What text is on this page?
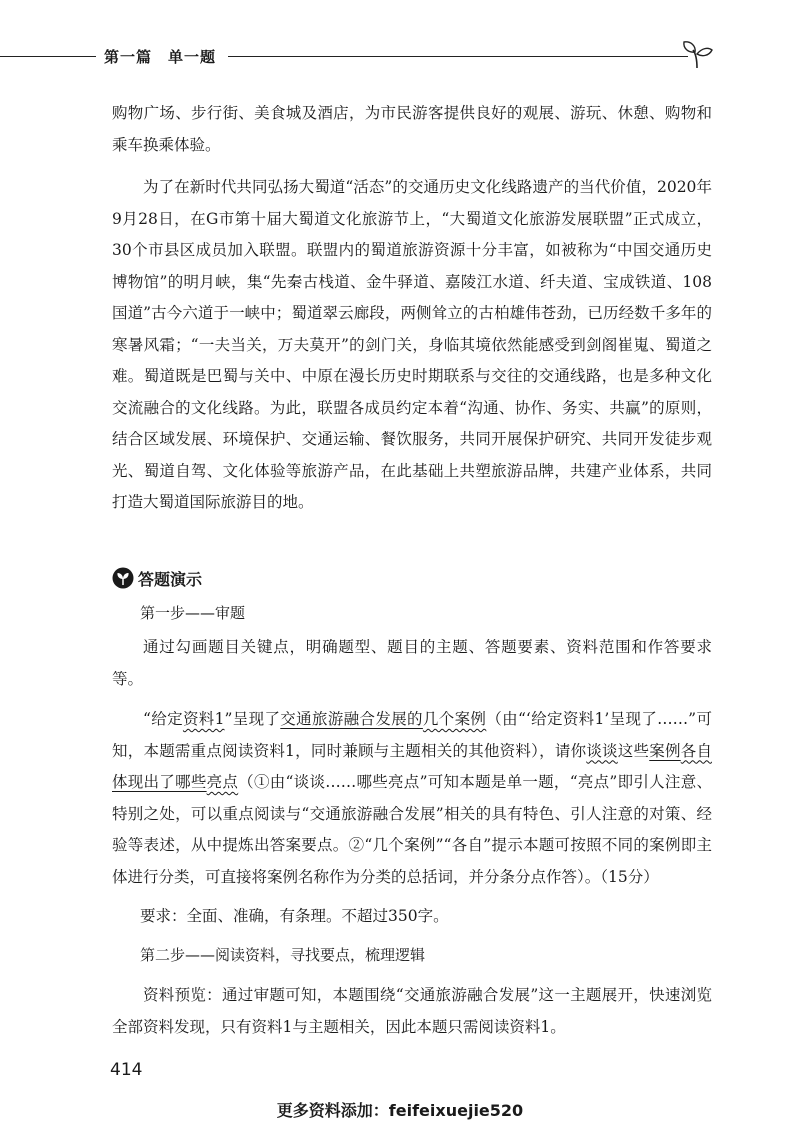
第一篇　单一题

购物广场、步行街、美食城及酒店，为市民游客提供良好的观展、游玩、休憩、购物和乘车换乘体验。

为了在新时代共同弘扬大蜀道“活态”的交通历史文化线路遗产的当代价值，2020年9月28日，在G市第十届大蜀道文化旅游节上，“大蜀道文化旅游发展联盟”正式成立，30个市县区成员加入联盟。联盟内的蜀道旅游资源十分丰富，如被称为“中国交通历史博物馆”的明月峡，集“先秦古栈道、金牛驿道、嘉陵江水道、纤夫道、宝成铁道、108国道”古今六道于一峡中；蜀道翠云廊段，两侧耸立的古柏雄伟苍劲，已历经数千多年的寒暑风霜；“一夫当关，万夫莫开”的剑门关，身临其境依然能感受到剑阁崔嵬、蜀道之难。蜀道既是巴蜀与关中、中原在漫长历史时期联系与交往的交通线路，也是多种文化交流融合的文化线路。为此，联盟各成员约定本着“沟通、协作、务实、共赢”的原则，结合区域发展、环境保护、交通运输、餐饮服务，共同开展保护研究、共同开发徒步观光、蜀道自驾、文化体验等旅游产品，在此基础上共塑旅游品牌，共建产业体系，共同打造大蜀道国际旅游目的地。

答题演示
第一步——审题

通过勾画题目关键点，明确题型、题目的主题、答题要素、资料范围和作答要求等。

“给定资料1”呈现了交通旅游融合发展的几个案例（由“‘给定资料1’呈现了……”可知，本题需重点阅读资料1，同时兼顾与主题相关的其他资料），请你谈谈这些案例各自体现出了哪些亮点（①由“谈谈……哪些亮点”可知本题是单一题，“亮点”即引人注意、特别之处，可以重点阅读与“交通旅游融合发展”相关的具有特色、引人注意的对策、经验等表述，从中提炼出答案要点。②“几个案例”“各自”提示本题可按照不同的案例即主体进行分类，可直接将案例名称作为分类的总括词，并分条分点作答）。（15分）

要求：全面、准确，有条理。不超过350字。
第二步——阅读资料，寻找要点，梳理逻辑

资料预览：通过审题可知，本题围绕“交通旅游融合发展”这一主题展开，快速浏览全部资料发现，只有资料1与主题相关，因此本题只需阅读资料1。

414
更多资料添加：feifeixuejie520
